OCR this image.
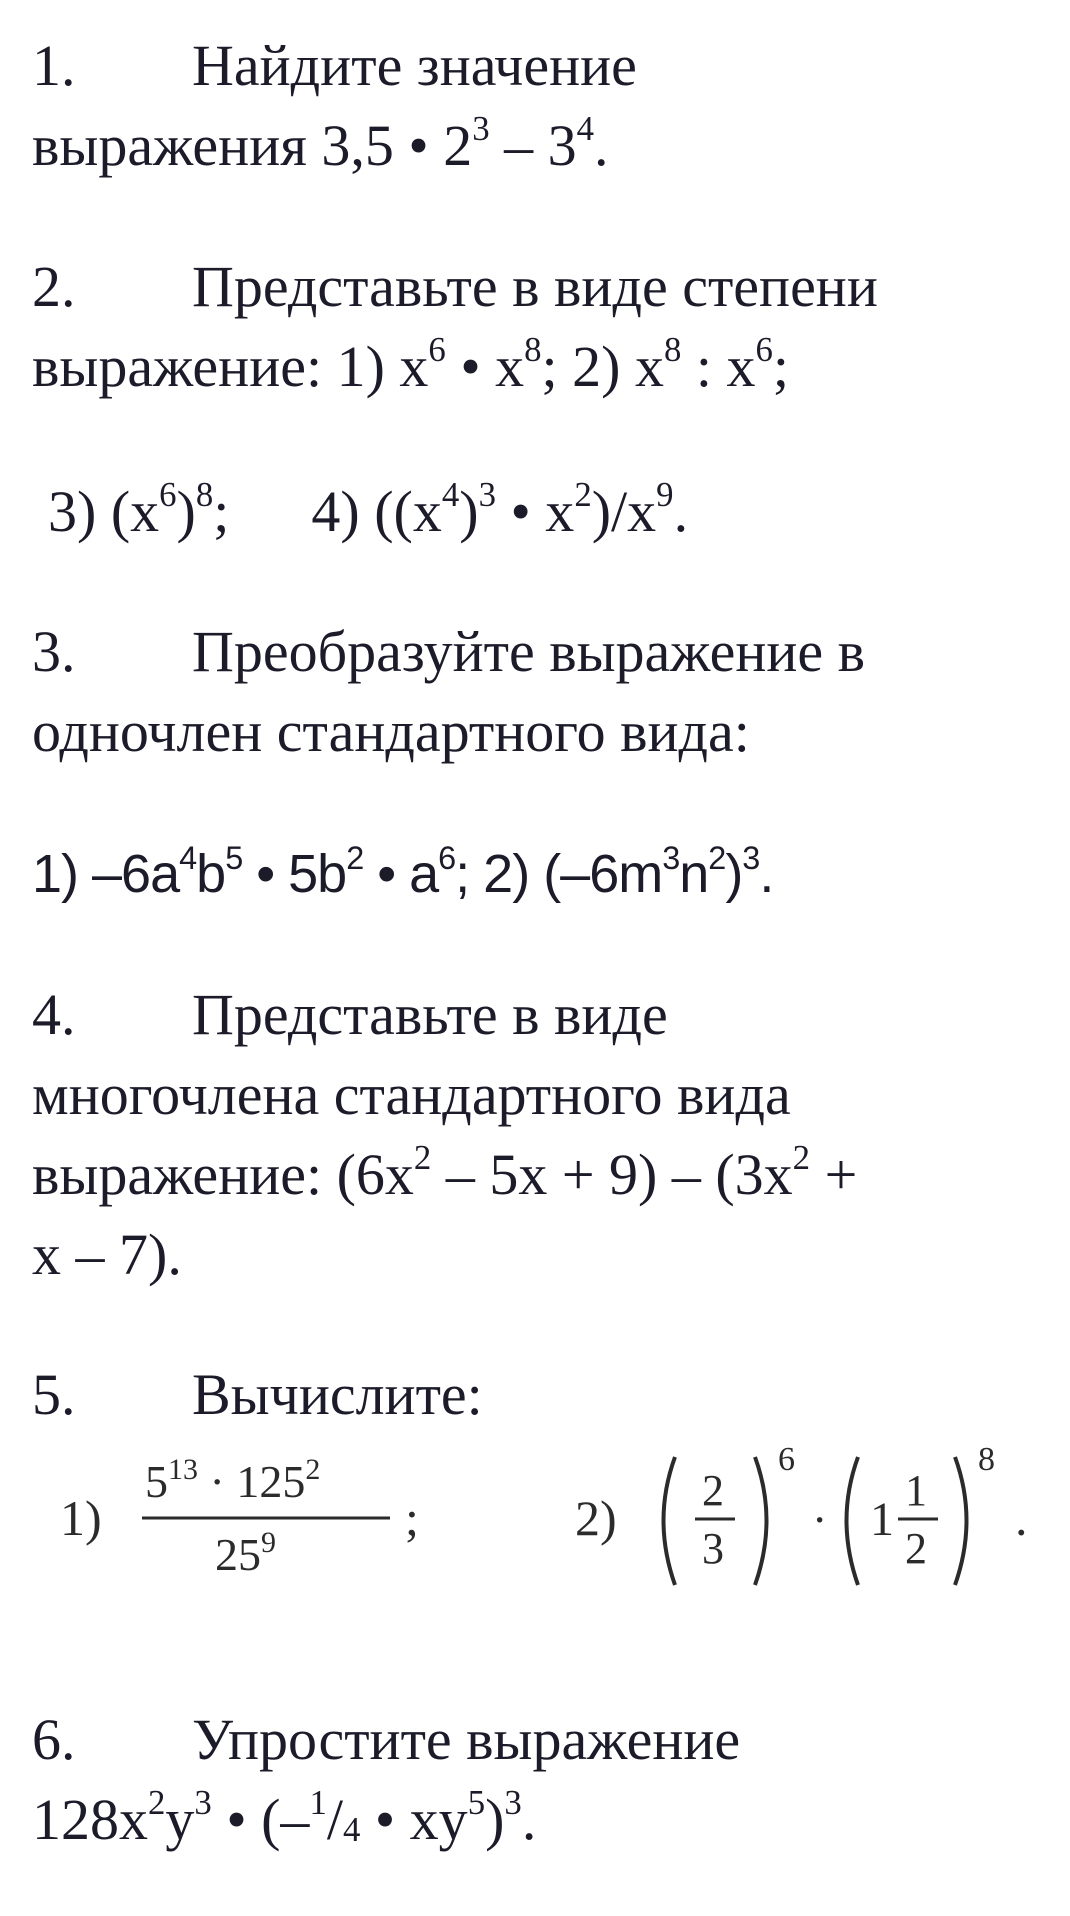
1. Найдите значение
выражения 3,5 • $2^3 - 3^4$.
2. Представьте в виде степени
выражение: 1) $x^6$ • $x^8$; 2) $x^8$ : $x^6$;
3) $(x^6)^8$; 4) ($(x^4)^3$ • $x^2)/x^9$.
3. Преобразуйте выражение в
одночлен стандартного вида:
1) $-6a^4b^5$ • $5b^2$ • $a^6$; 2) $(-6m^3n^2)^3$.
4. Представьте в виде
многочлена стандартного вида
выражение: $(6x^2 - 5x + 9) - (3x^2$ +
x – 7).
5. Вычислите:
1)
$5^{13} \cdot 125^2$
$25^9$	;	2) 2
3
6
· 1
1
2
8
.
6. Упростите выражение
$128x^2y^3$ • (–$^1$/4 • $xy^5)^3$.
